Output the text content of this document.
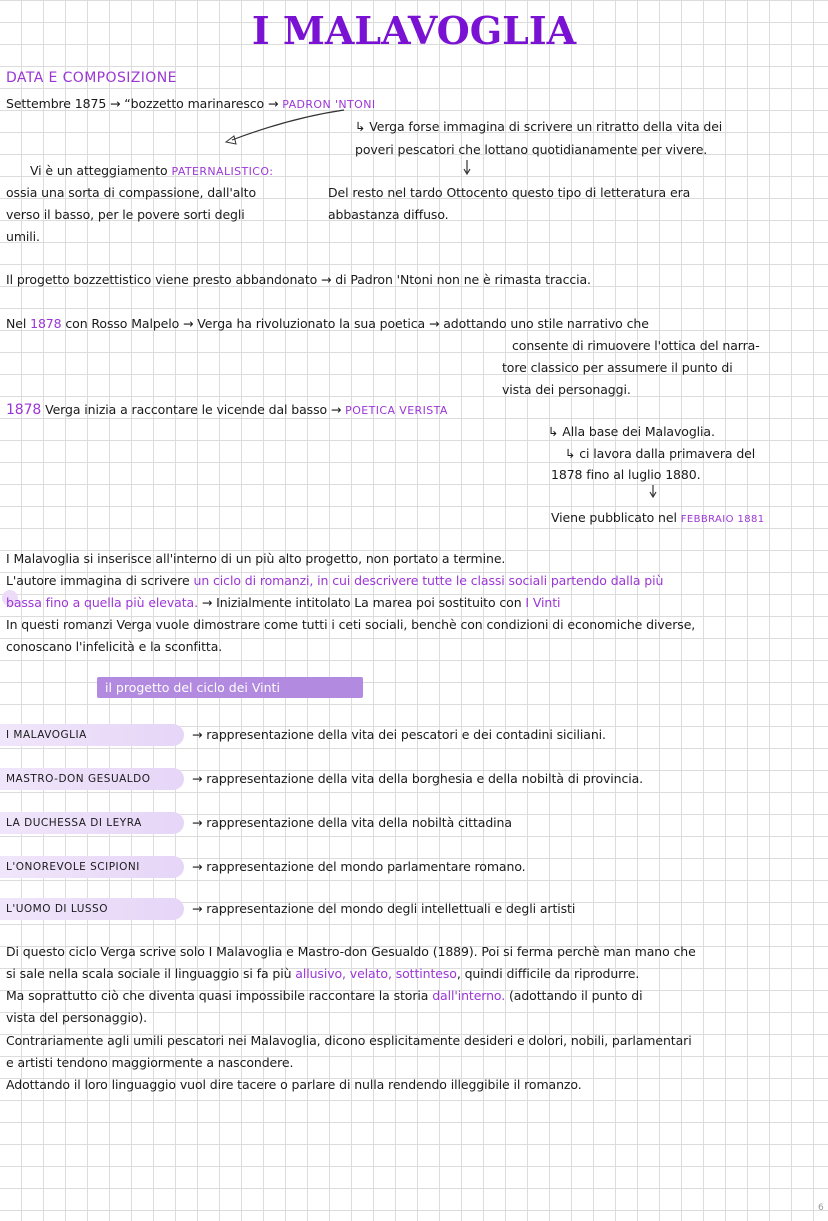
I MALAVOGLIA
DATA E COMPOSIZIONE
Settembre 1875 → “bozzetto marinaresco → PADRON 'NTONI
↳ Verga forse immagina di scrivere un ritratto della vita dei
poveri pescatori che lottano quotidianamente per vivere.
Vi è un atteggiamento PATERNALISTICO:
ossia una sorta di compassione, dall'alto
verso il basso, per le povere sorti degli
umili.
Del resto nel tardo Ottocento questo tipo di letteratura era
abbastanza diffuso.
Il progetto bozzettistico viene presto abbandonato → di Padron 'Ntoni non ne è rimasta traccia.
Nel 1878 con Rosso Malpelo → Verga ha rivoluzionato la sua poetica → adottando uno stile narrativo che
consente di rimuovere l'ottica del narra-
tore classico per assumere il punto di
vista dei personaggi.
1878 Verga inizia a raccontare le vicende dal basso → POETICA VERISTA
↳ Alla base dei Malavoglia.
↳ ci lavora dalla primavera del
1878 fino al luglio 1880.
Viene pubblicato nel FEBBRAIO 1881
I Malavoglia si inserisce all'interno di un più alto progetto, non portato a termine.
L'autore immagina di scrivere un ciclo di romanzi, in cui descrivere tutte le classi sociali partendo dalla più
bassa fino a quella più elevata. → Inizialmente intitolato La marea poi sostituito con I Vinti
In questi romanzi Verga vuole dimostrare come tutti i ceti sociali, benchè con condizioni di economiche diverse,
conoscano l'infelicità e la sconfitta.
il progetto del ciclo dei Vinti
I MALAVOGLIA	→ rappresentazione della vita dei pescatori e dei contadini siciliani.
MASTRO-DON GESUALDO	→ rappresentazione della vita della borghesia e della nobiltà di provincia.
LA DUCHESSA DI LEYRA	→ rappresentazione della vita della nobiltà cittadina
L'ONOREVOLE SCIPIONI	→ rappresentazione del mondo parlamentare romano.
L'UOMO DI LUSSO	→ rappresentazione del mondo degli intellettuali e degli artisti
Di questo ciclo Verga scrive solo I Malavoglia e Mastro-don Gesualdo (1889). Poi si ferma perchè man mano che
si sale nella scala sociale il linguaggio si fa più allusivo, velato, sottinteso, quindi difficile da riprodurre.
Ma soprattutto ciò che diventa quasi impossibile raccontare la storia dall'interno. (adottando il punto di
vista del personaggio).
Contrariamente agli umili pescatori nei Malavoglia, dicono esplicitamente desideri e dolori, nobili, parlamentari
e artisti tendono maggiormente a nascondere.
Adottando il loro linguaggio vuol dire tacere o parlare di nulla rendendo illeggibile il romanzo.
6
